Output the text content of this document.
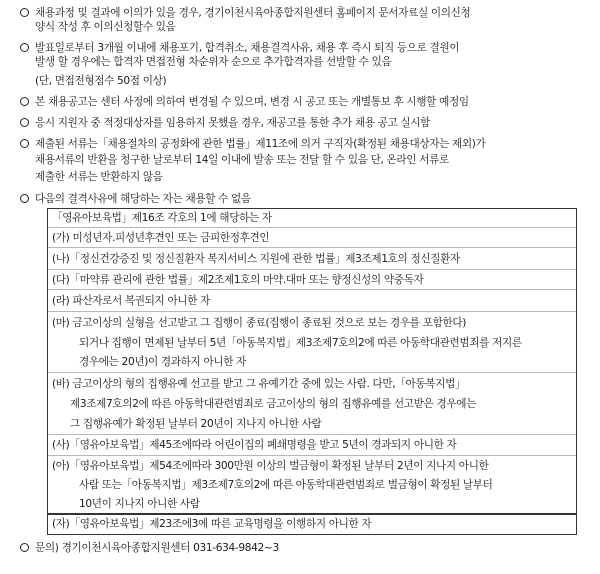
채용과정 및 결과에 이의가 있을 경우, 경기이천시육아종합지원센터 홈페이지 문서자료실 이의신청
양식 작성 후 이의신청할수 있음
발표일로부터 3개월 이내에 채용포기, 합격취소, 채용결격사유, 채용 후 즉시 퇴직 등으로 결원이
발생 할 경우에는 합격자 면접전형 차순위자 순으로 추가합격자를 선발할 수 있음
(단, 면접전형점수 50점 이상)
본 채용공고는 센터 사정에 의하여 변경될 수 있으며, 변경 시 공고 또는 개별통보 후 시행할 예정임
응시 지원자 중 적정대상자를 임용하지 못했을 경우, 재공고를 통한 추가 채용 공고 실시함
제출된 서류는「채용절차의 공정화에 관한 법률」제11조에 의거 구직자(확정된 채용대상자는 제외)가
채용서류의 반환을 청구한 날로부터 14일 이내에 발송 또는 전달 할 수 있음 단, 온라인 서류로
제출한 서류는 반환하지 않음
다음의 결격사유에 해당하는 자는 채용할 수 없음
「영유아보육법」제16조 각호의 1에 해당하는 자
(가) 미성년자.피성년후견인 또는 금피한정후견인
(나)「정신건강증진 및 정신질환자 복지서비스 지원에 관한 법률」제3조제1호의 정신질환자
(다)「마약류 관리에 관한 법률」제2조제1호의 마약.대마 또는 향정신성의 약중독자
(라) 파산자로서 복권되지 아니한 자
(마) 금고이상의 실형을 선고받고 그 집행이 종료(집행이 종료된 것으로 보는 경우를 포함한다)
되거나 집행이 면제된 날부터 5년「아동복지법」제3조제7호의2에 따른 아동학대관련범죄를 저지른
경우에는 20년)이 경과하지 아니한 자
(바) 금고이상의 형의 집행유예 선고를 받고 그 유예기간 중에 있는 사람. 다만,「아동복지법」
제3조제7호의2에 따른 아동학대관련범죄로 금고이상의 형의 집행유예를 선고받은 경우에는
그 집행유예가 확정된 날부터 20년이 지나지 아니한 사람
(사)「영유아보육법」제45조에따라 어린이집의 폐쇄명령을 받고 5년이 경과되지 아니한 자
(아)「영유아보육법」제54조에따라 300만원 이상의 벌금형이 확정된 날부터 2년이 지나지 아니한
사람 또는「아동복지법」제3조제7호의2에 따른 아동학대관련범죄로 벌금형이 확정된 날부터
10년이 지나지 아니한 사람
(자)「영유아보육법」제23조에3에 따른 교육명령을 이행하지 아니한 자
문의) 경기이천시육아종합지원센터 031-634-9842~3
